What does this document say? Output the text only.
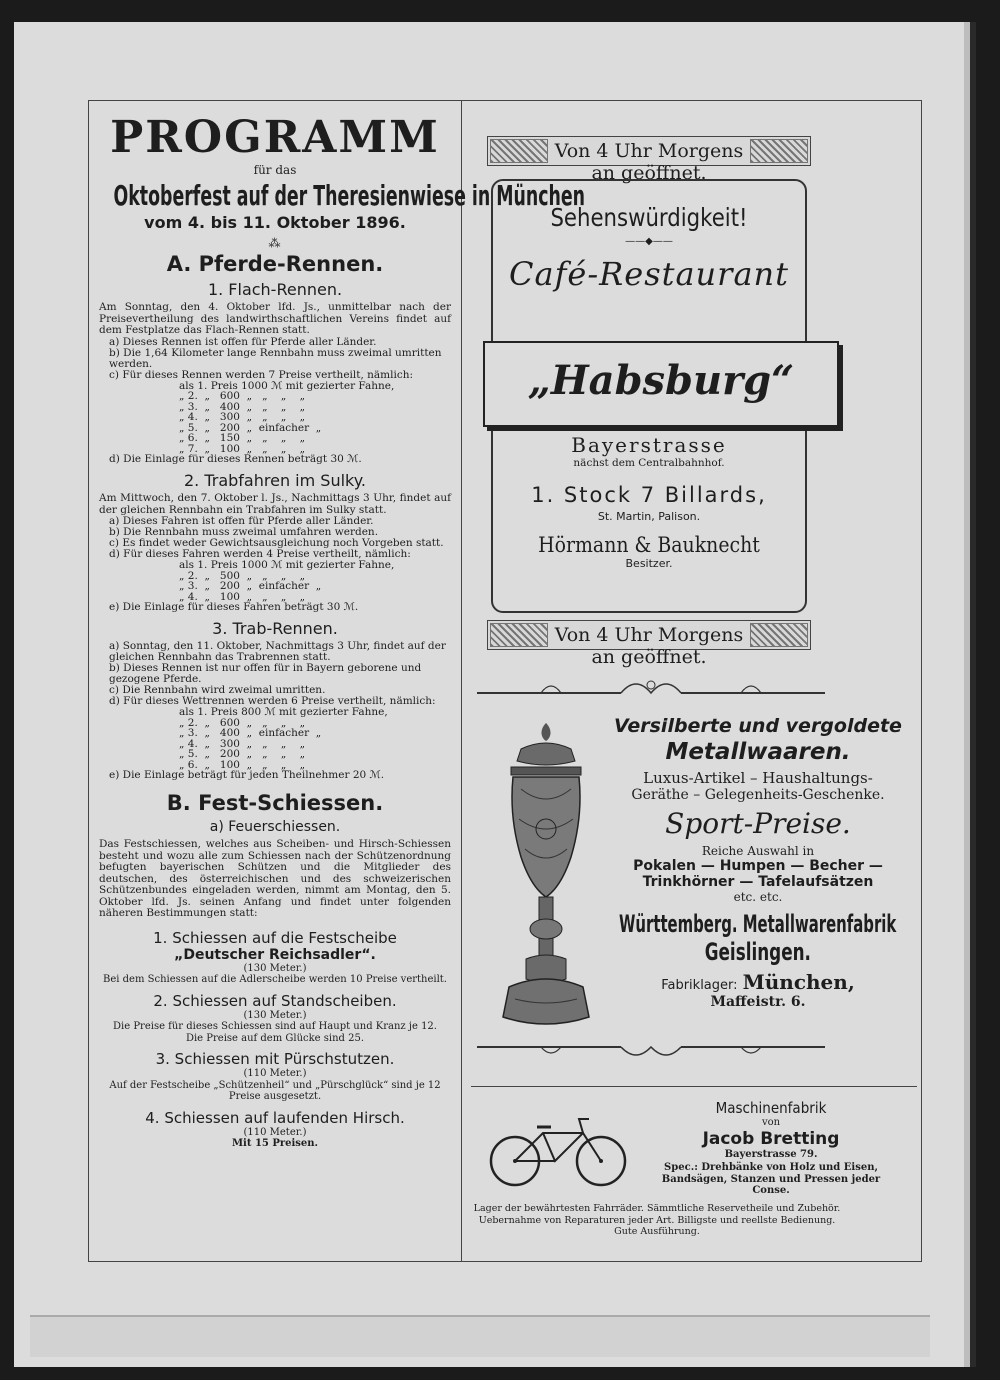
PROGRAMM
für das
Oktoberfest auf der Theresienwiese in München
vom 4. bis 11. Oktober 1896.
⁂
A. Pferde-Rennen.
1. Flach-Rennen.
Am Sonntag, den 4. Oktober lfd. Js., unmittelbar nach der Preisevertheilung des landwirthschaftlichen Vereins findet auf dem Festplatze das Flach-Rennen statt.
a) Dieses Rennen ist offen für Pferde aller Länder.
b) Die 1,64 Kilometer lange Rennbahn muss zweimal umritten werden.
c) Für dieses Rennen werden 7 Preise vertheilt, nämlich:
als 1. Preis 1000 ℳ mit gezierter Fahne,
„ 2.  „   600  „   „    „    „
„ 3.  „   400  „   „    „    „
„ 4.  „   300  „   „    „    „
„ 5.  „   200  „  einfacher  „
„ 6.  „   150  „   „    „    „
„ 7.  „   100  „   „    „    „
d) Die Einlage für dieses Rennen beträgt 30 ℳ.
2. Trabfahren im Sulky.
Am Mittwoch, den 7. Oktober l. Js., Nachmittags 3 Uhr, findet auf der gleichen Rennbahn ein Trabfahren im Sulky statt.
a) Dieses Fahren ist offen für Pferde aller Länder.
b) Die Rennbahn muss zweimal umfahren werden.
c) Es findet weder Gewichtsausgleichung noch Vorgeben statt.
d) Für dieses Fahren werden 4 Preise vertheilt, nämlich:
als 1. Preis 1000 ℳ mit gezierter Fahne,
„ 2.  „   500  „   „    „    „
„ 3.  „   200  „  einfacher  „
„ 4.  „   100  „   „    „    „
e) Die Einlage für dieses Fahren beträgt 30 ℳ.
3. Trab-Rennen.
a) Sonntag, den 11. Oktober, Nachmittags 3 Uhr, findet auf der gleichen Rennbahn das Trabrennen statt.
b) Dieses Rennen ist nur offen für in Bayern geborene und gezogene Pferde.
c) Die Rennbahn wird zweimal umritten.
d) Für dieses Wettrennen werden 6 Preise vertheilt, nämlich:
als 1. Preis 800 ℳ mit gezierter Fahne,
„ 2.  „   600  „   „    „    „
„ 3.  „   400  „  einfacher  „
„ 4.  „   300  „   „    „    „
„ 5.  „   200  „   „    „    „
„ 6.  „   100  „   „    „    „
e) Die Einlage beträgt für jeden Theilnehmer 20 ℳ.
B. Fest-Schiessen.
a) Feuerschiessen.
Das Festschiessen, welches aus Scheiben- und Hirsch-Schiessen besteht und wozu alle zum Schiessen nach der Schützenordnung befugten bayerischen Schützen und die Mitglieder des deutschen, des österreichischen und des schweizerischen Schützenbundes eingeladen werden, nimmt am Montag, den 5. Oktober lfd. Js. seinen Anfang und findet unter folgenden näheren Bestimmungen statt:
1. Schiessen auf die Festscheibe
„Deutscher Reichsadler“.
(130 Meter.)
Bei dem Schiessen auf die Adlerscheibe werden 10 Preise vertheilt.
2. Schiessen auf Standscheiben.
(130 Meter.)
Die Preise für dieses Schiessen sind auf Haupt und Kranz je 12.
Die Preise auf dem Glücke sind 25.
3. Schiessen mit Pürschstutzen.
(110 Meter.)
Auf der Festscheibe „Schützenheil“ und „Pürschglück“ sind je 12 Preise ausgesetzt.
4. Schiessen auf laufenden Hirsch.
(110 Meter.)
Mit 15 Preisen.
Von 4 Uhr Morgens an geöffnet.
Sehenswürdigkeit!
——◆——
Café-Restaurant
„Habsburg“
Bayerstrasse
nächst dem Centralbahnhof.
1. Stock 7 Billards,
St. Martin, Palison.
Hörmann & Bauknecht
Besitzer.
Von 4 Uhr Morgens an geöffnet.
Versilberte und vergoldete
Metallwaaren.
Luxus-Artikel – Haushaltungs-
Geräthe – Gelegenheits-Geschenke.
Sport-Preise.
Reiche Auswahl in
Pokalen — Humpen — Becher —
Trinkhörner — Tafelaufsätzen
etc. etc.
Württemberg. Metallwarenfabrik
Geislingen.
Fabriklager: München,
Maffeistr. 6.
Maschinenfabrik
von
Jacob Bretting
Bayerstrasse 79.
Spec.: Drehbänke von Holz und Eisen,
Bandsägen, Stanzen und Pressen jeder
Conse.
Lager der bewährtesten Fahrräder. Sämmtliche Reservetheile und Zubehör.
Uebernahme von Reparaturen jeder Art. Billigste und reellste Bedienung.
Gute Ausführung.
